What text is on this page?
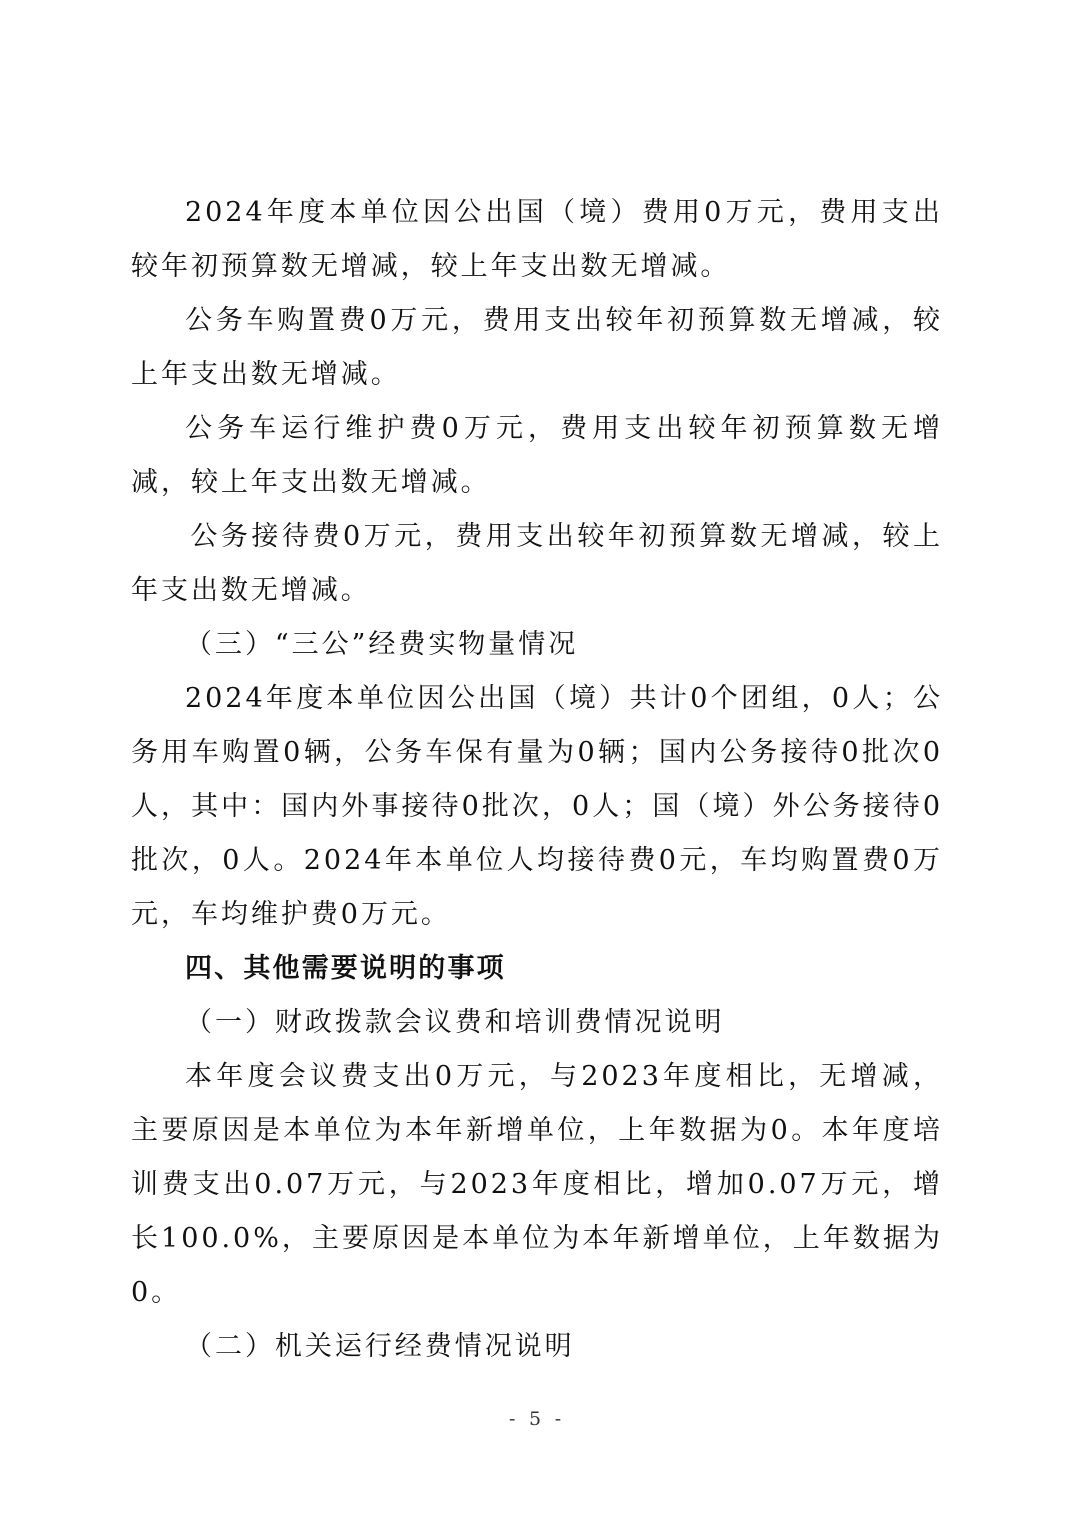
2024年度本单位因公出国（境）费用0万元，费用支出较年初预算数无增减，较上年支出数无增减。

公务车购置费0万元，费用支出较年初预算数无增减，较上年支出数无增减。

公务车运行维护费0万元，费用支出较年初预算数无增减，较上年支出数无增减。

公务接待费0万元，费用支出较年初预算数无增减，较上年支出数无增减。

（三）“三公”经费实物量情况

2024年度本单位因公出国（境）共计0个团组，0人；公务用车购置0辆，公务车保有量为0辆；国内公务接待0批次0人，其中：国内外事接待0批次，0人；国（境）外公务接待0批次，0人。2024年本单位人均接待费0元，车均购置费0万元，车均维护费0万元。

四、其他需要说明的事项

（一）财政拨款会议费和培训费情况说明

本年度会议费支出0万元，与2023年度相比，无增减，主要原因是本单位为本年新增单位，上年数据为0。本年度培训费支出0.07万元，与2023年度相比，增加0.07万元，增长100.0%，主要原因是本单位为本年新增单位，上年数据为0。

（二）机关运行经费情况说明

- 5 -
